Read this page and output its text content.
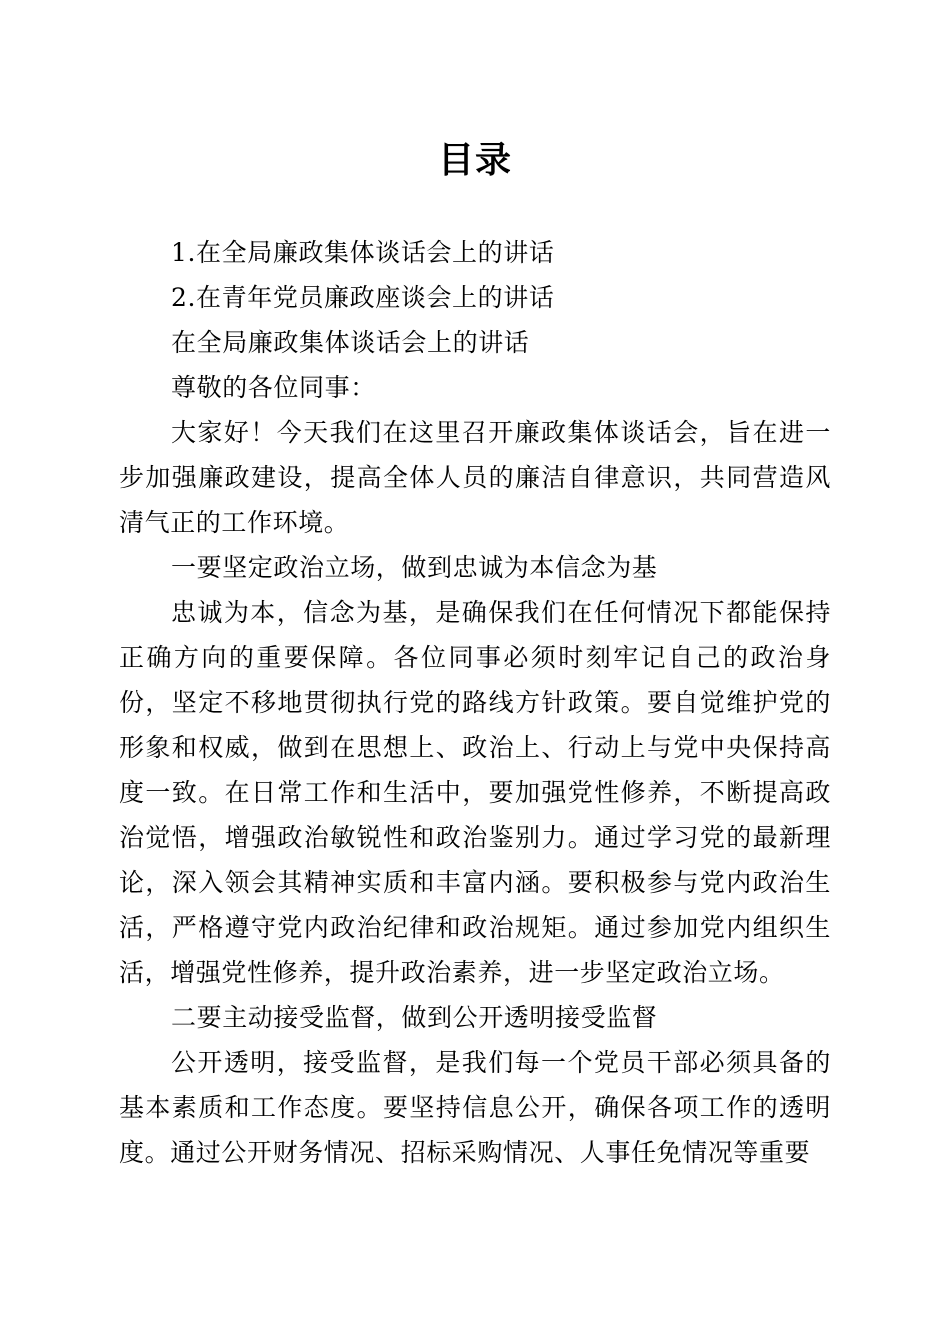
目录

1.在全局廉政集体谈话会上的讲话

2.在青年党员廉政座谈会上的讲话

在全局廉政集体谈话会上的讲话

尊敬的各位同事：

大家好！今天我们在这里召开廉政集体谈话会，旨在进一步加强廉政建设，提高全体人员的廉洁自律意识，共同营造风清气正的工作环境。

一要坚定政治立场，做到忠诚为本信念为基

忠诚为本，信念为基，是确保我们在任何情况下都能保持正确方向的重要保障。各位同事必须时刻牢记自己的政治身份，坚定不移地贯彻执行党的路线方针政策。要自觉维护党的形象和权威，做到在思想上、政治上、行动上与党中央保持高度一致。在日常工作和生活中，要加强党性修养，不断提高政治觉悟，增强政治敏锐性和政治鉴别力。通过学习党的最新理论，深入领会其精神实质和丰富内涵。要积极参与党内政治生活，严格遵守党内政治纪律和政治规矩。通过参加党内组织生活，增强党性修养，提升政治素养，进一步坚定政治立场。

二要主动接受监督，做到公开透明接受监督

公开透明，接受监督，是我们每一个党员干部必须具备的基本素质和工作态度。要坚持信息公开，确保各项工作的透明度。通过公开财务情况、招标采购情况、人事任免情况等重要
